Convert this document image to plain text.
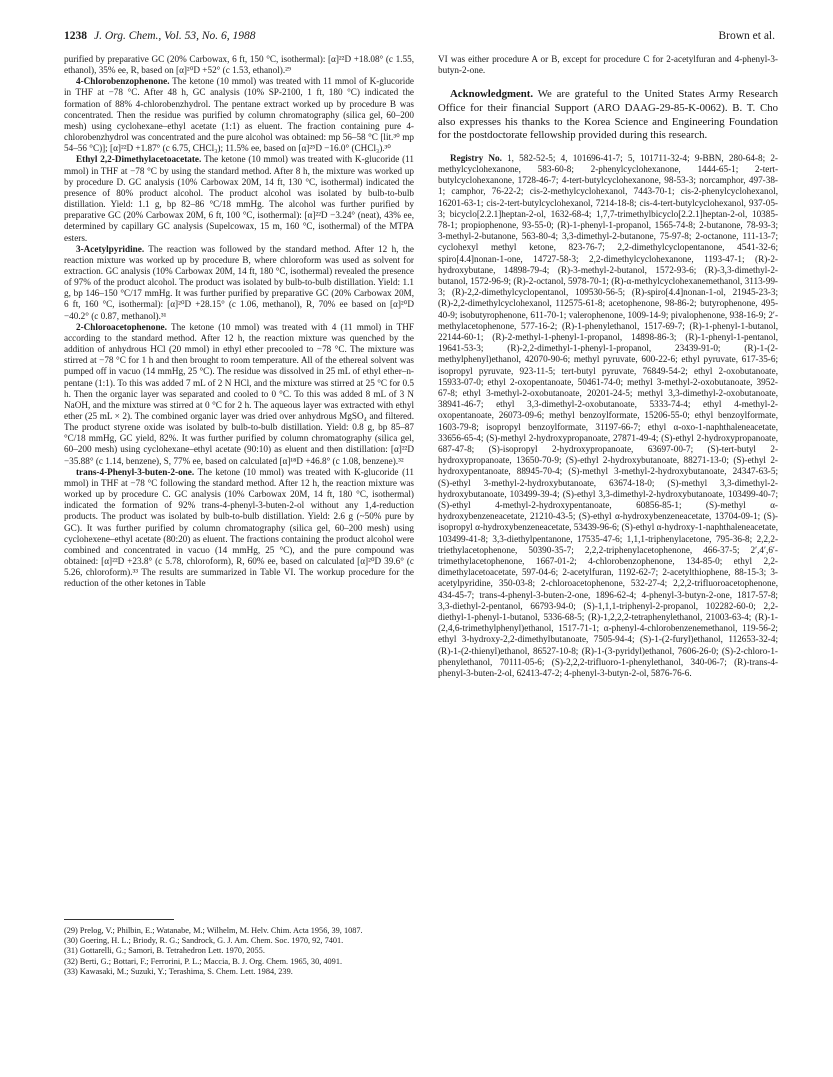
1238 J. Org. Chem., Vol. 53, No. 6, 1988	Brown et al.

purified by preparative GC (20% Carbowax, 6 ft, 150 °C, isothermal): [α]²²D +18.08° (c 1.55, ethanol), 35% ee, R, based on [α]²⁰D +52° (c 1.53, ethanol).²⁹

4-Chlorobenzophenone. The ketone (10 mmol) was treated with 11 mmol of K-glucoride in THF at −78 °C. After 48 h, GC analysis (10% SP-2100, 1 ft, 180 °C) indicated the formation of 88% 4-chlorobenzhydrol. The pentane extract worked up by procedure B was concentrated. Then the residue was purified by column chromatography (silica gel, 60–200 mesh) using cyclohexane–ethyl acetate (1:1) as eluent. The fraction containing pure 4-chlorobenzhydrol was concentrated and the pure alcohol was obtained: mp 56–58 °C [lit.³⁰ mp 54–56 °C)]; [α]²²D +1.87° (c 6.75, CHCl₃); 11.5% ee, based on [α]²⁵D −16.0° (CHCl₃).³⁰

Ethyl 2,2-Dimethylacetoacetate. The ketone (10 mmol) was treated with K-glucoride (11 mmol) in THF at −78 °C by using the standard method. After 8 h, the mixture was worked up by procedure D. GC analysis (10% Carbowax 20M, 14 ft, 130 °C, isothermal) indicated the presence of 80% product alcohol. The product alcohol was isolated by bulb-to-bulb distillation. Yield: 1.1 g, bp 82–86 °C/18 mmHg. The alcohol was further purified by preparative GC (20% Carbowax 20M, 6 ft, 100 °C, isothermal): [α]²²D −3.24° (neat), 43% ee, determined by capillary GC analysis (Supelcowax, 15 m, 160 °C, isothermal) of the MTPA esters.

3-Acetylpyridine. The reaction was followed by the standard method. After 12 h, the reaction mixture was worked up by procedure B, where chloroform was used as solvent for extraction. GC analysis (10% Carbowax 20M, 14 ft, 180 °C, isothermal) revealed the presence of 97% of the product alcohol. The product was isolated by bulb-to-bulb distillation. Yield: 1.1 g, bp 146–150 °C/17 mmHg. It was further purified by preparative GC (20% Carbowax 20M, 6 ft, 160 °C, isothermal): [α]²⁰D +28.15° (c 1.06, methanol), R, 70% ee based on [α]²⁰D −40.2° (c 0.87, methanol).³¹

2-Chloroacetophenone. The ketone (10 mmol) was treated with 4 (11 mmol) in THF according to the standard method. After 12 h, the reaction mixture was quenched by the addition of anhydrous HCl (20 mmol) in ethyl ether precooled to −78 °C. The mixture was stirred at −78 °C for 1 h and then brought to room temperature. All of the ethereal solvent was pumped off in vacuo (14 mmHg, 25 °C). The residue was dissolved in 25 mL of ethyl ether–n-pentane (1:1). To this was added 7 mL of 2 N HCl, and the mixture was stirred at 25 °C for 0.5 h. Then the organic layer was separated and cooled to 0 °C. To this was added 8 mL of 3 N NaOH, and the mixture was stirred at 0 °C for 2 h. The aqueous layer was extracted with ethyl ether (25 mL × 2). The combined organic layer was dried over anhydrous MgSO₄ and filtered. The product styrene oxide was isolated by bulb-to-bulb distillation. Yield: 0.8 g, bp 85–87 °C/18 mmHg, GC yield, 82%. It was further purified by column chromatography (silica gel, 60–200 mesh) using cyclohexane–ethyl acetate (90:10) as eluent and then distillation: [α]²²D −35.88° (c 1.14, benzene), S, 77% ee, based on calculated [α]¹⁸D +46.8° (c 1.08, benzene).³²

trans-4-Phenyl-3-buten-2-one. The ketone (10 mmol) was treated with K-glucoride (11 mmol) in THF at −78 °C following the standard method. After 12 h, the reaction mixture was worked up by procedure C. GC analysis (10% Carbowax 20M, 14 ft, 180 °C, isothermal) indicated the formation of 92% trans-4-phenyl-3-buten-2-ol without any 1,4-reduction products. The product was isolated by bulb-to-bulb distillation. Yield: 2.6 g (~50% pure by GC). It was further purified by column chromatography (silica gel, 60–200 mesh) using cyclohexene–ethyl acetate (80:20) as eluent. The fractions containing the product alcohol were combined and concentrated in vacuo (14 mmHg, 25 °C), and the pure compound was obtained: [α]²²D +23.8° (c 5.78, chloroform), R, 60% ee, based on calculated [α]²⁰D 39.6° (c 5.26, chloroform).³³ The results are summarized in Table VI. The workup procedure for the reduction of the other ketones in Table

(29) Prelog, V.; Philbin, E.; Watanabe, M.; Wilhelm, M. Helv. Chim. Acta 1956, 39, 1087.
(30) Goering, H. L.; Briody, R. G.; Sandrock, G. J. Am. Chem. Soc. 1970, 92, 7401.
(31) Gottarelli, G.; Samori, B. Tetrahedron Lett. 1970, 2055.
(32) Berti, G.; Bottari, F.; Ferrorini, P. L.; Maccia, B. J. Org. Chem. 1965, 30, 4091.
(33) Kawasaki, M.; Suzuki, Y.; Terashima, S. Chem. Lett. 1984, 239.

VI was either procedure A or B, except for procedure C for 2-acetylfuran and 4-phenyl-3-butyn-2-one.

Acknowledgment. We are grateful to the United States Army Research Office for their financial Support (ARO DAAG-29-85-K-0062). B. T. Cho also expresses his thanks to the Korea Science and Engineering Foundation for the postdoctorate fellowship provided during this research.

Registry No. 1, 582-52-5; 4, 101696-41-7; 5, 101711-32-4; 9-BBN, 280-64-8; 2-methylcyclohexanone, 583-60-8; 2-phenylcyclohexanone, 1444-65-1; 2-tert-butylcyclohexanone, 1728-46-7; 4-tert-butylcyclohexanone, 98-53-3; norcamphor, 497-38-1; camphor, 76-22-2; cis-2-methylcyclohexanol, 7443-70-1; cis-2-phenylcyclohexanol, 16201-63-1; cis-2-tert-butylcyclohexanol, 7214-18-8; cis-4-tert-butylcyclohexanol, 937-05-3; bicyclo[2.2.1]heptan-2-ol, 1632-68-4; 1,7,7-trimethylbicyclo[2.2.1]heptan-2-ol, 10385-78-1; propiophenone, 93-55-0; (R)-1-phenyl-1-propanol, 1565-74-8; 2-butanone, 78-93-3; 3-methyl-2-butanone, 563-80-4; 3,3-dimethyl-2-butanone, 75-97-8; 2-octanone, 111-13-7; cyclohexyl methyl ketone, 823-76-7; 2,2-dimethylcyclopentanone, 4541-32-6; spiro[4.4]nonan-1-one, 14727-58-3; 2,2-dimethylcyclohexanone, 1193-47-1; (R)-2-hydroxybutane, 14898-79-4; (R)-3-methyl-2-butanol, 1572-93-6; (R)-3,3-dimethyl-2-butanol, 1572-96-9; (R)-2-octanol, 5978-70-1; (R)-α-methylcyclohexanemethanol, 3113-99-3; (R)-2,2-dimethylcyclopentanol, 109530-56-5; (R)-spiro[4.4]nonan-1-ol, 21945-23-3; (R)-2,2-dimethylcyclohexanol, 112575-61-8; acetophenone, 98-86-2; butyrophenone, 495-40-9; isobutyrophenone, 611-70-1; valerophenone, 1009-14-9; pivalophenone, 938-16-9; 2′-methylacetophenone, 577-16-2; (R)-1-phenylethanol, 1517-69-7; (R)-1-phenyl-1-butanol, 22144-60-1; (R)-2-methyl-1-phenyl-1-propanol, 14898-86-3; (R)-1-phenyl-1-pentanol, 19641-53-3; (R)-2,2-dimethyl-1-phenyl-1-propanol, 23439-91-0; (R)-1-(2-methylphenyl)ethanol, 42070-90-6; methyl pyruvate, 600-22-6; ethyl pyruvate, 617-35-6; isopropyl pyruvate, 923-11-5; tert-butyl pyruvate, 76849-54-2; ethyl 2-oxobutanoate, 15933-07-0; ethyl 2-oxopentanoate, 50461-74-0; methyl 3-methyl-2-oxobutanoate, 3952-67-8; ethyl 3-methyl-2-oxobutanoate, 20201-24-5; methyl 3,3-dimethyl-2-oxobutanoate, 38941-46-7; ethyl 3,3-dimethyl-2-oxobutanoate, 5333-74-4; ethyl 4-methyl-2-oxopentanoate, 26073-09-6; methyl benzoylformate, 15206-55-0; ethyl benzoylformate, 1603-79-8; isopropyl benzoylformate, 31197-66-7; ethyl α-oxo-1-naphthaleneacetate, 33656-65-4; (S)-methyl 2-hydroxypropanoate, 27871-49-4; (S)-ethyl 2-hydroxypropanoate, 687-47-8; (S)-isopropyl 2-hydroxypropanoate, 63697-00-7; (S)-tert-butyl 2-hydroxypropanoate, 13650-70-9; (S)-ethyl 2-hydroxybutanoate, 88271-13-0; (S)-ethyl 2-hydroxypentanoate, 88945-70-4; (S)-methyl 3-methyl-2-hydroxybutanoate, 24347-63-5; (S)-ethyl 3-methyl-2-hydroxybutanoate, 63674-18-0; (S)-methyl 3,3-dimethyl-2-hydroxybutanoate, 103499-39-4; (S)-ethyl 3,3-dimethyl-2-hydroxybutanoate, 103499-40-7; (S)-ethyl 4-methyl-2-hydroxypentanoate, 60856-85-1; (S)-methyl α-hydroxybenzeneacetate, 21210-43-5; (S)-ethyl α-hydroxybenzeneacetate, 13704-09-1; (S)-isopropyl α-hydroxybenzeneacetate, 53439-96-6; (S)-ethyl α-hydroxy-1-naphthaleneacetate, 103499-41-8; 3,3-diethylpentanone, 17535-47-6; 1,1,1-triphenylacetone, 795-36-8; 2,2,2-triethylacetophenone, 50390-35-7; 2,2,2-triphenylacetophenone, 466-37-5; 2′,4′,6′-trimethylacetophenone, 1667-01-2; 4-chlorobenzophenone, 134-85-0; ethyl 2,2-dimethylacetoacetate, 597-04-6; 2-acetylfuran, 1192-62-7; 2-acetylthiophene, 88-15-3; 3-acetylpyridine, 350-03-8; 2-chloroacetophenone, 532-27-4; 2,2,2-trifluoroacetophenone, 434-45-7; trans-4-phenyl-3-buten-2-one, 1896-62-4; 4-phenyl-3-butyn-2-one, 1817-57-8; 3,3-diethyl-2-pentanol, 66793-94-0; (S)-1,1,1-triphenyl-2-propanol, 102282-60-0; 2,2-diethyl-1-phenyl-1-butanol, 5336-68-5; (R)-1,2,2,2-tetraphenylethanol, 21003-63-4; (R)-1-(2,4,6-trimethylphenyl)ethanol, 1517-71-1; α-phenyl-4-chlorobenzenemethanol, 119-56-2; ethyl 3-hydroxy-2,2-dimethylbutanoate, 7505-94-4; (S)-1-(2-furyl)ethanol, 112653-32-4; (R)-1-(2-thienyl)ethanol, 86527-10-8; (R)-1-(3-pyridyl)ethanol, 7606-26-0; (S)-2-chloro-1-phenylethanol, 70111-05-6; (S)-2,2,2-trifluoro-1-phenylethanol, 340-06-7; (R)-trans-4-phenyl-3-buten-2-ol, 62413-47-2; 4-phenyl-3-butyn-2-ol, 5876-76-6.
